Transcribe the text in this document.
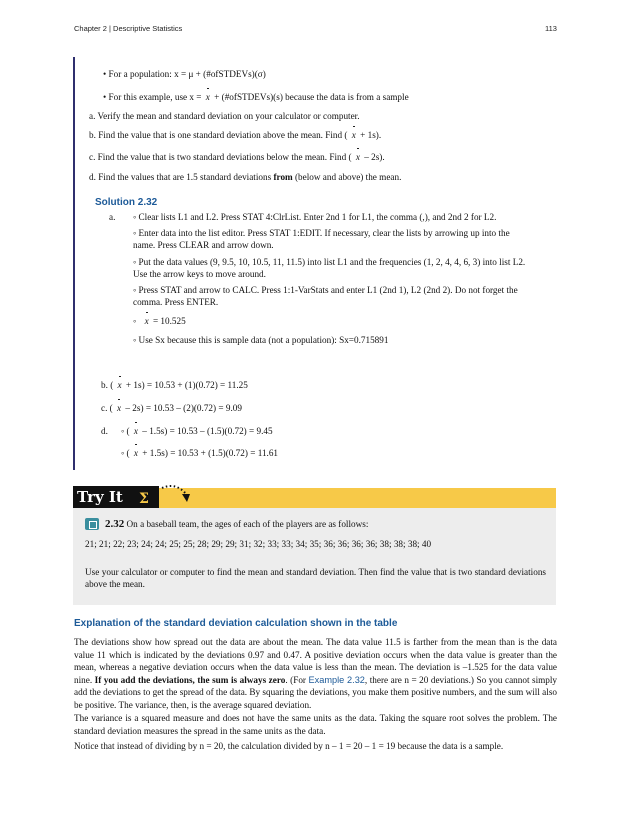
Chapter 2 | Descriptive Statistics	113
• For a population: x = μ + (#ofSTDEVs)(σ)
• For this example, use x = x + (#ofSTDEVs)(s) because the data is from a sample
a. Verify the mean and standard deviation on your calculator or computer.
b. Find the value that is one standard deviation above the mean. Find ( x + 1s).
c. Find the value that is two standard deviations below the mean. Find ( x – 2s).
d. Find the values that are 1.5 standard deviations from (below and above) the mean.
Solution 2.32
a. ◦ Clear lists L1 and L2. Press STAT 4:ClrList. Enter 2nd 1 for L1, the comma (,), and 2nd 2 for L2.
◦ Enter data into the list editor. Press STAT 1:EDIT. If necessary, clear the lists by arrowing up into the name. Press CLEAR and arrow down.
◦ Put the data values (9, 9.5, 10, 10.5, 11, 11.5) into list L1 and the frequencies (1, 2, 4, 4, 6, 3) into list L2. Use the arrow keys to move around.
◦ Press STAT and arrow to CALC. Press 1:1-VarStats and enter L1 (2nd 1), L2 (2nd 2). Do not forget the comma. Press ENTER.
◦ x = 10.525
◦ Use Sx because this is sample data (not a population): Sx=0.715891
b. ( x + 1s) = 10.53 + (1)(0.72) = 11.25
c. ( x – 2s) = 10.53 – (2)(0.72) = 9.09
d. ◦ ( x – 1.5s) = 10.53 – (1.5)(0.72) = 9.45
◦ ( x + 1.5s) = 10.53 + (1.5)(0.72) = 11.61
Try It Σ
2.32 On a baseball team, the ages of each of the players are as follows:
21; 21; 22; 23; 24; 24; 25; 25; 28; 29; 29; 31; 32; 33; 33; 34; 35; 36; 36; 36; 36; 38; 38; 38; 40
Use your calculator or computer to find the mean and standard deviation. Then find the value that is two standard deviations above the mean.
Explanation of the standard deviation calculation shown in the table
The deviations show how spread out the data are about the mean. The data value 11.5 is farther from the mean than is the data value 11 which is indicated by the deviations 0.97 and 0.47. A positive deviation occurs when the data value is greater than the mean, whereas a negative deviation occurs when the data value is less than the mean. The deviation is –1.525 for the data value nine. If you add the deviations, the sum is always zero. (For Example 2.32, there are n = 20 deviations.) So you cannot simply add the deviations to get the spread of the data. By squaring the deviations, you make them positive numbers, and the sum will also be positive. The variance, then, is the average squared deviation.
The variance is a squared measure and does not have the same units as the data. Taking the square root solves the problem. The standard deviation measures the spread in the same units as the data.
Notice that instead of dividing by n = 20, the calculation divided by n – 1 = 20 – 1 = 19 because the data is a sample.
